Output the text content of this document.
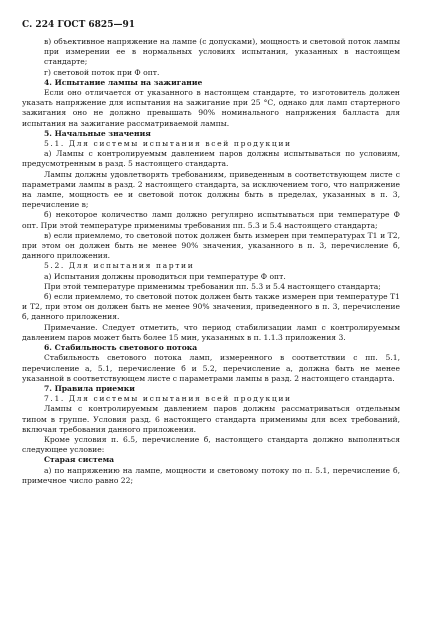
С. 224 ГОСТ 6825—91

в) объективное напряжение на лампе (с допусками), мощность и световой поток лампы при измерении ее в нормальных условиях испытания, указанных в настоящем стандарте;

г) световой поток при Ф опт.

4. Испытание лампы на зажигание

Если оно отличается от указанного в настоящем стандарте, то изготовитель должен указать напряжение для испытания на зажигание при 25 °С, однако для ламп стартерного зажигания оно не должно превышать 90% номинального напряжения балласта для испытания на зажигание рассматриваемой лампы.

5. Начальные значения

5.1. Для системы испытания всей продукции

а) Лампы с контролируемым давлением паров должны испытываться по условиям, предусмотренным в разд. 5 настоящего стандарта.

Лампы должны удовлетворять требованиям, приведенным в соответствующем листе с параметрами лампы в разд. 2 настоящего стандарта, за исключением того, что напряжение на лампе, мощность ее и световой поток должны быть в пределах, указанных в п. 3, перечисление в;

б) некоторое количество ламп должно регулярно испытываться при температуре Ф опт. При этой температуре применимы требования пп. 5.3 и 5.4 настоящего стандарта;

в) если приемлемо, то световой поток должен быть измерен при температурах T1 и T2, при этом он должен быть не менее 90% значения, указанного в п. 3, перечисление б, данного приложения.

5.2. Для испытания партии

а) Испытания должны проводиться при температуре Ф опт.

При этой температуре применимы требования пп. 5.3 и 5.4 настоящего стандарта;

б) если приемлемо, то световой поток должен быть также измерен при температуре T1 и T2, при этом он должен быть не менее 90% значения, приведенного в п. 3, перечисление б, данного приложения.

Примечание. Следует отметить, что период стабилизации ламп с контролируемым давлением паров может быть более 15 мин, указанных в п. 1.1.3 приложения 3.

6. Стабильность светового потока

Стабильность светового потока ламп, измеренного в соответствии с пп. 5.1, перечисление а, 5.1, перечисление б и 5.2, перечисление а, должна быть не менее указанной в соответствующем листе с параметрами лампы в разд. 2 настоящего стандарта.

7. Правила приемки

7.1. Для системы испытания всей продукции

Лампы с контролируемым давлением паров должны рассматриваться отдельным типом в группе. Условия разд. 6 настоящего стандарта применимы для всех требований, включая требования данного приложения.

Кроме условия п. 6.5, перечисление б, настоящего стандарта должно выполняться следующее условие:

Старая система

а) по напряжению на лампе, мощности и световому потоку по п. 5.1, перечисление б, примечное число равно 22;
